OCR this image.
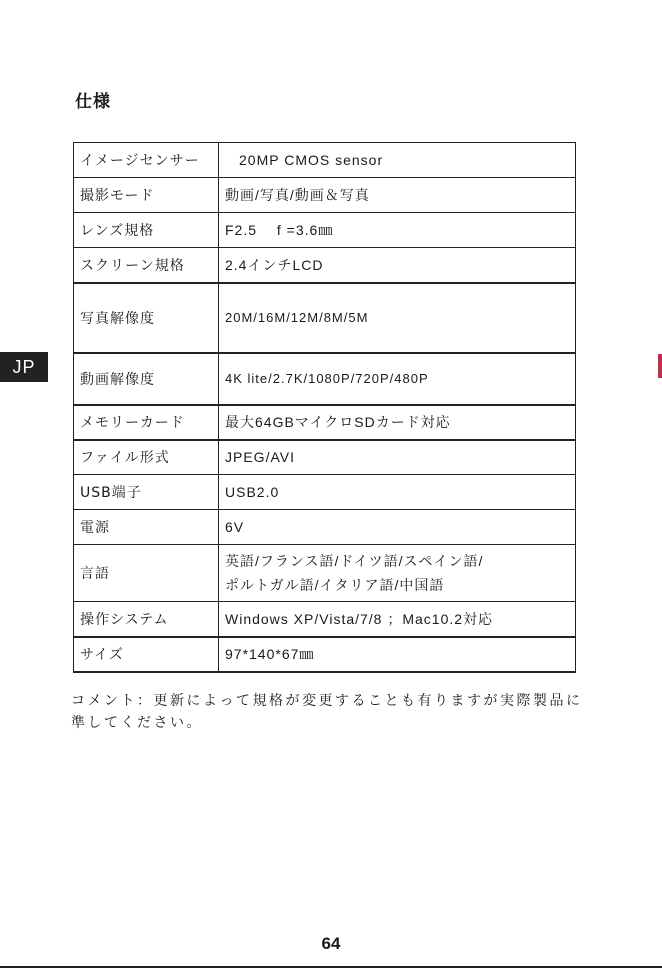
仕様
JP
イメージセンサー	20MP CMOS sensor
撮影モード	動画/写真/動画＆写真
レンズ規格	F2.5　 f =3.6㎜
スクリーン規格	2.4インチLCD
写真解像度	20M/16M/12M/8M/5M
動画解像度	4K lite/2.7K/1080P/720P/480P
メモリーカード	最大64GBマイクロSDカード対応
ファイル形式	JPEG/AVI
USB端子	USB2.0
電源	6V
言語	英語/フランス語/ドイツ語/スペイン語/
ポルトガル語/イタリア語/中国語

操作システム	Windows XP/Vista/7/8 ；Mac10.2対応
サイズ	97*140*67㎜
コメント：更新によって規格が変更することも有りますが実際製品に準してください。
64
